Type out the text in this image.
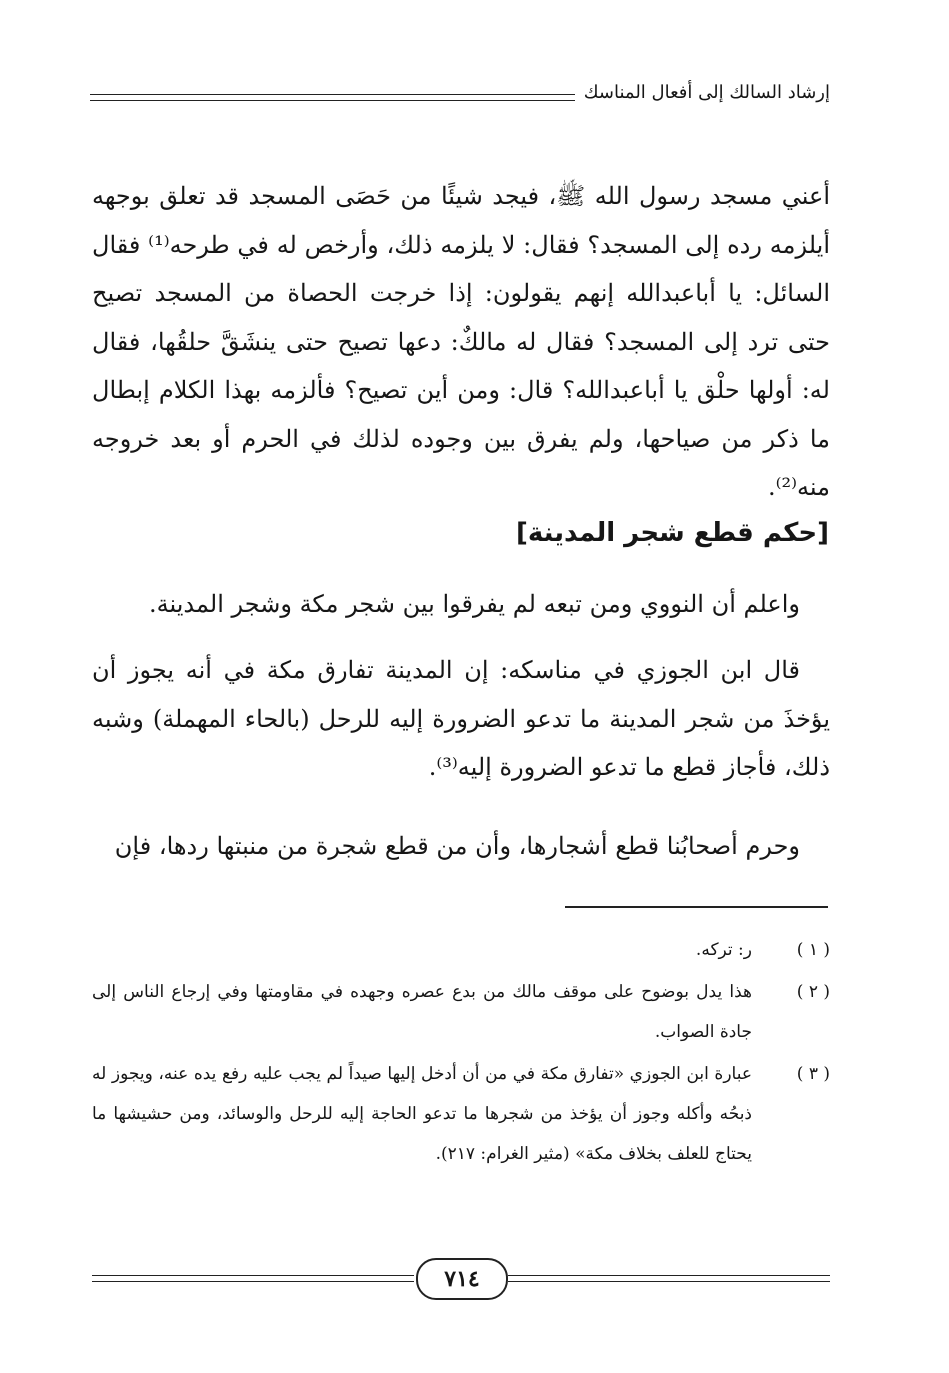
إرشاد السالك إلى أفعال المناسك

أعني مسجد رسول الله ﷺ، فيجد شيئًا من حَصَى المسجد قد تعلق بوجهه أيلزمه رده إلى المسجد؟ فقال: لا يلزمه ذلك، وأرخص له في طرحه⁽¹⁾ فقال السائل: يا أباعبدالله إنهم يقولون: إذا خرجت الحصاة من المسجد تصيح حتى ترد إلى المسجد؟ فقال له مالكٌ: دعها تصيح حتى ينشَقَّ حلقُها، فقال له: أولها حلْق يا أباعبدالله؟ قال: ومن أين تصيح؟ فألزمه بهذا الكلام إبطال ما ذكر من صياحها، ولم يفرق بين وجوده لذلك في الحرم أو بعد خروجه منه⁽²⁾.

[حكم قطع شجر المدينة]

واعلم أن النووي ومن تبعه لم يفرقوا بين شجر مكة وشجر المدينة.

قال ابن الجوزي في مناسكه: إن المدينة تفارق مكة في أنه يجوز أن يؤخذَ من شجر المدينة ما تدعو الضرورة إليه للرحل (بالحاء المهملة) وشبه ذلك، فأجاز قطع ما تدعو الضرورة إليه⁽³⁾.

وحرم أصحابُنا قطع أشجارها، وأن من قطع شجرة من منبتها ردها، فإن

( ١ )
ر: تركه.
( ٢ )
هذا يدل بوضوح على موقف مالك من بدع عصره وجهده في مقاومتها وفي إرجاع الناس إلى جادة الصواب.
( ٣ )
عبارة ابن الجوزي «تفارق مكة في من أن أدخل إليها صيداً لم يجب عليه رفع يده عنه، ويجوز له ذبحُه وأكله وجوز أن يؤخذ من شجرها ما تدعو الحاجة إليه للرحل والوسائد، ومن حشيشها ما يحتاج للعلف بخلاف مكة» (مثير الغرام: ٢١٧).
٧١٤
